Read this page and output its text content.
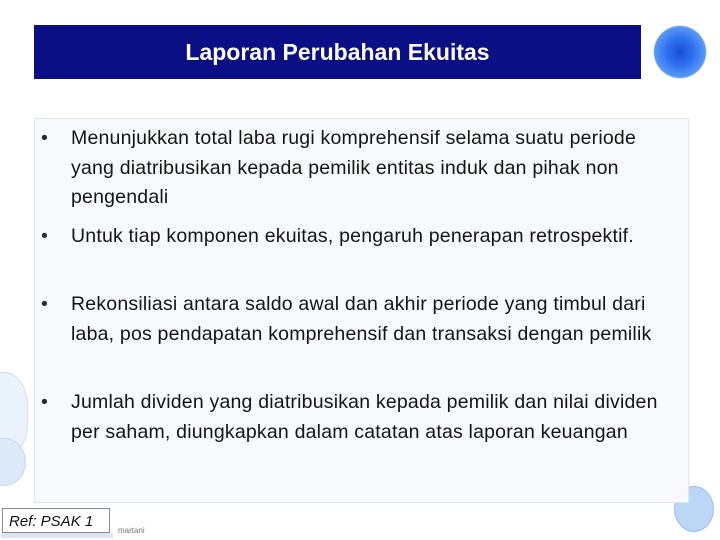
Laporan Perubahan Ekuitas
• Menunjukkan total laba rugi komprehensif selama suatu periode yang diatribusikan kepada pemilik entitas induk dan pihak non pengendali
• Untuk tiap komponen ekuitas, pengaruh penerapan retrospektif.
• Rekonsiliasi antara saldo awal dan akhir periode yang timbul dari laba, pos pendapatan komprehensif dan transaksi dengan pemilik
• Jumlah dividen yang diatribusikan kepada pemilik dan nilai dividen per saham, diungkapkan dalam catatan atas laporan keuangan
Ref: PSAK 1
martani
